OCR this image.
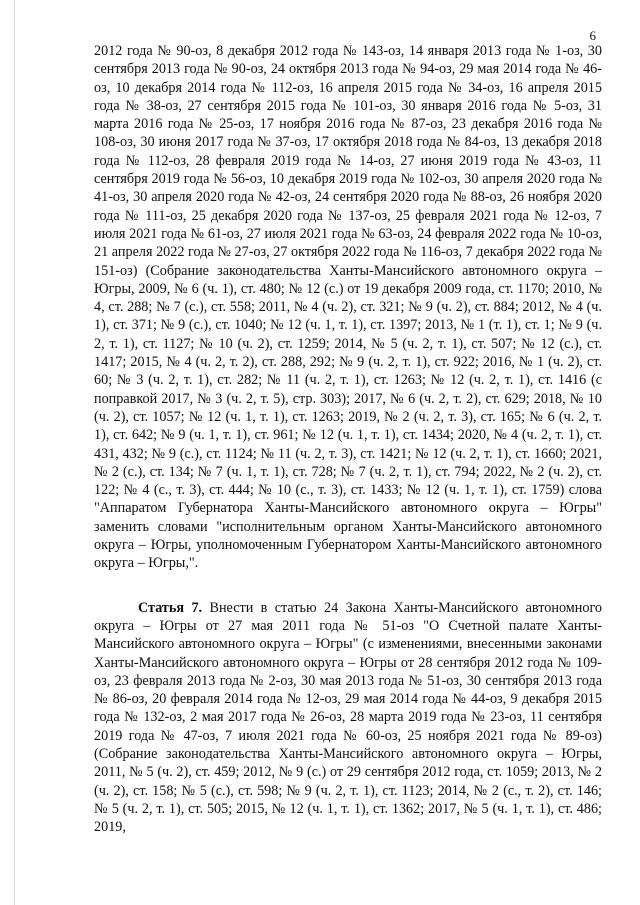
6

2012 года № 90-оз, 8 декабря 2012 года № 143-оз, 14 января 2013 года № 1-оз, 30 сентября 2013 года № 90-оз, 24 октября 2013 года № 94-оз, 29 мая 2014 года № 46-оз, 10 декабря 2014 года № 112-оз, 16 апреля 2015 года № 34-оз, 16 апреля 2015 года № 38-оз, 27 сентября 2015 года № 101-оз, 30 января 2016 года № 5-оз, 31 марта 2016 года № 25-оз, 17 ноября 2016 года № 87-оз, 23 декабря 2016 года № 108-оз, 30 июня 2017 года № 37-оз, 17 октября 2018 года № 84-оз, 13 декабря 2018 года № 112-оз, 28 февраля 2019 года № 14-оз, 27 июня 2019 года № 43-оз, 11 сентября 2019 года № 56-оз, 10 декабря 2019 года № 102-оз, 30 апреля 2020 года № 41-оз, 30 апреля 2020 года № 42-оз, 24 сентября 2020 года № 88-оз, 26 ноября 2020 года № 111-оз, 25 декабря 2020 года № 137-оз, 25 февраля 2021 года № 12-оз, 7 июля 2021 года № 61-оз, 27 июля 2021 года № 63-оз, 24 февраля 2022 года № 10-оз, 21 апреля 2022 года № 27-оз, 27 октября 2022 года № 116-оз, 7 декабря 2022 года № 151-оз) (Собрание законодательства Ханты-Мансийского автономного округа – Югры, 2009, № 6 (ч. 1), ст. 480; № 12 (с.) от 19 декабря 2009 года, ст. 1170; 2010, № 4, ст. 288; № 7 (с.), ст. 558; 2011, № 4 (ч. 2), ст. 321; № 9 (ч. 2), ст. 884; 2012, № 4 (ч. 1), ст. 371; № 9 (с.), ст. 1040; № 12 (ч. 1, т. 1), ст. 1397; 2013, № 1 (т. 1), ст. 1; № 9 (ч. 2, т. 1), ст. 1127; № 10 (ч. 2), ст. 1259; 2014, № 5 (ч. 2, т. 1), ст. 507; № 12 (с.), ст. 1417; 2015, № 4 (ч. 2, т. 2), ст. 288, 292; № 9 (ч. 2, т. 1), ст. 922; 2016, № 1 (ч. 2), ст. 60; № 3 (ч. 2, т. 1), ст. 282; № 11 (ч. 2, т. 1), ст. 1263; № 12 (ч. 2, т. 1), ст. 1416 (с поправкой 2017, № 3 (ч. 2, т. 5), стр. 303); 2017, № 6 (ч. 2, т. 2), ст. 629; 2018, № 10 (ч. 2), ст. 1057; № 12 (ч. 1, т. 1), ст. 1263; 2019, № 2 (ч. 2, т. 3), ст. 165; № 6 (ч. 2, т. 1), ст. 642; № 9 (ч. 1, т. 1), ст. 961; № 12 (ч. 1, т. 1), ст. 1434; 2020, № 4 (ч. 2, т. 1), ст. 431, 432; № 9 (с.), ст. 1124; № 11 (ч. 2, т. 3), ст. 1421; № 12 (ч. 2, т. 1), ст. 1660; 2021, № 2 (с.), ст. 134; № 7 (ч. 1, т. 1), ст. 728; № 7 (ч. 2, т. 1), ст. 794; 2022, № 2 (ч. 2), ст. 122; № 4 (с., т. 3), ст. 444; № 10 (с., т. 3), ст. 1433; № 12 (ч. 1, т. 1), ст. 1759) слова "Аппаратом Губернатора Ханты-Мансийского автономного округа – Югры" заменить словами "исполнительным органом Ханты-Мансийского автономного округа – Югры, уполномоченным Губернатором Ханты-Мансийского автономного округа – Югры,".

Статья 7. Внести в статью 24 Закона Ханты-Мансийского автономного округа – Югры от 27 мая 2011 года № 51-оз "О Счетной палате Ханты-Мансийского автономного округа – Югры" (с изменениями, внесенными законами Ханты-Мансийского автономного округа – Югры от 28 сентября 2012 года № 109-оз, 23 февраля 2013 года № 2-оз, 30 мая 2013 года № 51-оз, 30 сентября 2013 года № 86-оз, 20 февраля 2014 года № 12-оз, 29 мая 2014 года № 44-оз, 9 декабря 2015 года № 132-оз, 2 мая 2017 года № 26-оз, 28 марта 2019 года № 23-оз, 11 сентября 2019 года № 47-оз, 7 июля 2021 года № 60-оз, 25 ноября 2021 года № 89-оз) (Собрание законодательства Ханты-Мансийского автономного округа – Югры, 2011, № 5 (ч. 2), ст. 459; 2012, № 9 (с.) от 29 сентября 2012 года, ст. 1059; 2013, № 2 (ч. 2), ст. 158; № 5 (с.), ст. 598; № 9 (ч. 2, т. 1), ст. 1123; 2014, № 2 (с., т. 2), ст. 146; № 5 (ч. 2, т. 1), ст. 505; 2015, № 12 (ч. 1, т. 1), ст. 1362; 2017, № 5 (ч. 1, т. 1), ст. 486; 2019,
